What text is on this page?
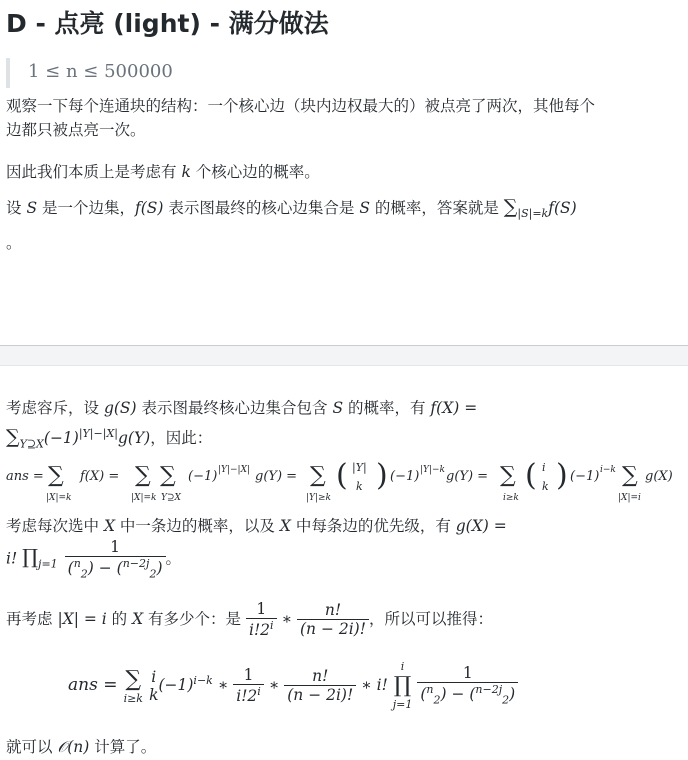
D - 点亮 (light) - 满分做法
1 ≤ n ≤ 500000
观察一下每个连通块的结构：一个核心边（块内边权最大的）被点亮了两次，其他每个
边都只被点亮一次。
因此我们本质上是考虑有 k 个核心边的概率。
设 S 是一个边集，f(S) 表示图最终的核心边集合是 S 的概率，答案就是 $\sum_{|S|=k}f(S)$
。
考虑容斥，设 g(S) 表示图最终核心边集合包含 S 的概率，有 f(X) =
$\sum_{Y⊇X}(-1)^{|Y|-|X|}g(Y)$，因此：
ans = ∑
|X|=k
f(X) = ∑ ∑
|X|=k Y⊇X
(−1) |Y|−|X| g(Y) = ∑
|Y|≥k
( |Y|
k ) (−1) |Y|−k g(Y) = ∑
i≥k
( i
k ) (−1) i−k ∑
|X|=i
g(X)
考虑每次选中 X 中一条边的概率，以及 X 中每条边的优先级，有 g(X) =
i! $\prod_{j=1} \frac{1}{(^n_2) - (^{n-2j}_2)}$ 。
再考虑 |X| = i 的 X 有多少个：是 $\frac{1}{i!2^i}$ ∗ $\frac{n!}{(n - 2i)!}$ ，所以可以推得：
ans = ∑
i≥k

i
k
$(-1)^{i-k}$ ∗ $\frac{1}{i!2^i}$ ∗ $\frac{n!}{(n - 2i)!}$ ∗ i!
i
∏
j=1
$\frac{1}{(^n_2) - (^{n-2j}_2)}$
就可以 𝒪(n) 计算了。
